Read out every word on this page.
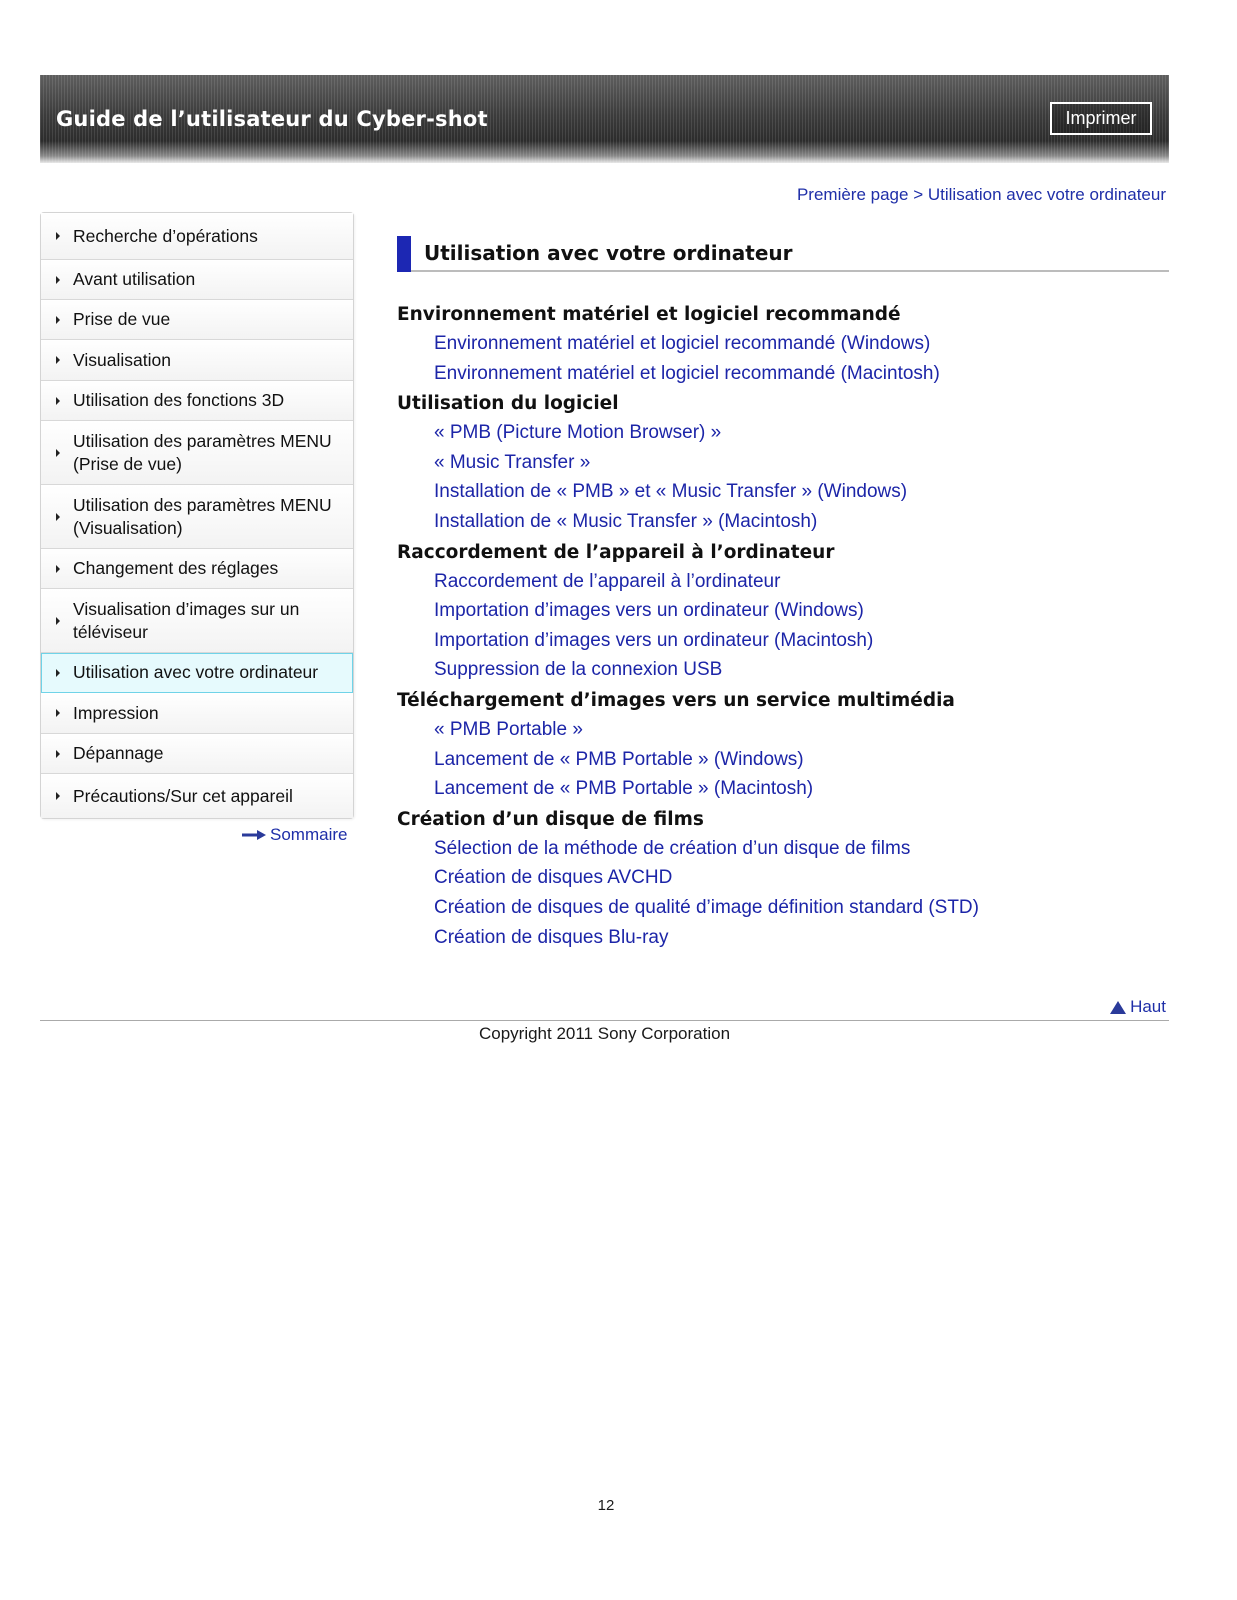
Guide de l’utilisateur du Cyber-shot	Imprimer
Première page > Utilisation avec votre ordinateur
Recherche d’opérations
Avant utilisation
Prise de vue
Visualisation
Utilisation des fonctions 3D
Utilisation des paramètres MENU (Prise de vue)
Utilisation des paramètres MENU (Visualisation)
Changement des réglages
Visualisation d’images sur un téléviseur
Utilisation avec votre ordinateur
Impression
Dépannage
Précautions/Sur cet appareil
Sommaire
Utilisation avec votre ordinateur
Environnement matériel et logiciel recommandé
Environnement matériel et logiciel recommandé (Windows)
Environnement matériel et logiciel recommandé (Macintosh)
Utilisation du logiciel
« PMB (Picture Motion Browser) »
« Music Transfer »
Installation de « PMB » et « Music Transfer » (Windows)
Installation de « Music Transfer » (Macintosh)
Raccordement de l’appareil à l’ordinateur
Raccordement de l’appareil à l’ordinateur
Importation d’images vers un ordinateur (Windows)
Importation d’images vers un ordinateur (Macintosh)
Suppression de la connexion USB
Téléchargement d’images vers un service multimédia
« PMB Portable »
Lancement de « PMB Portable » (Windows)
Lancement de « PMB Portable » (Macintosh)
Création d’un disque de films
Sélection de la méthode de création d’un disque de films
Création de disques AVCHD
Création de disques de qualité d’image définition standard (STD)
Création de disques Blu-ray
Haut
Copyright 2011 Sony Corporation
12
